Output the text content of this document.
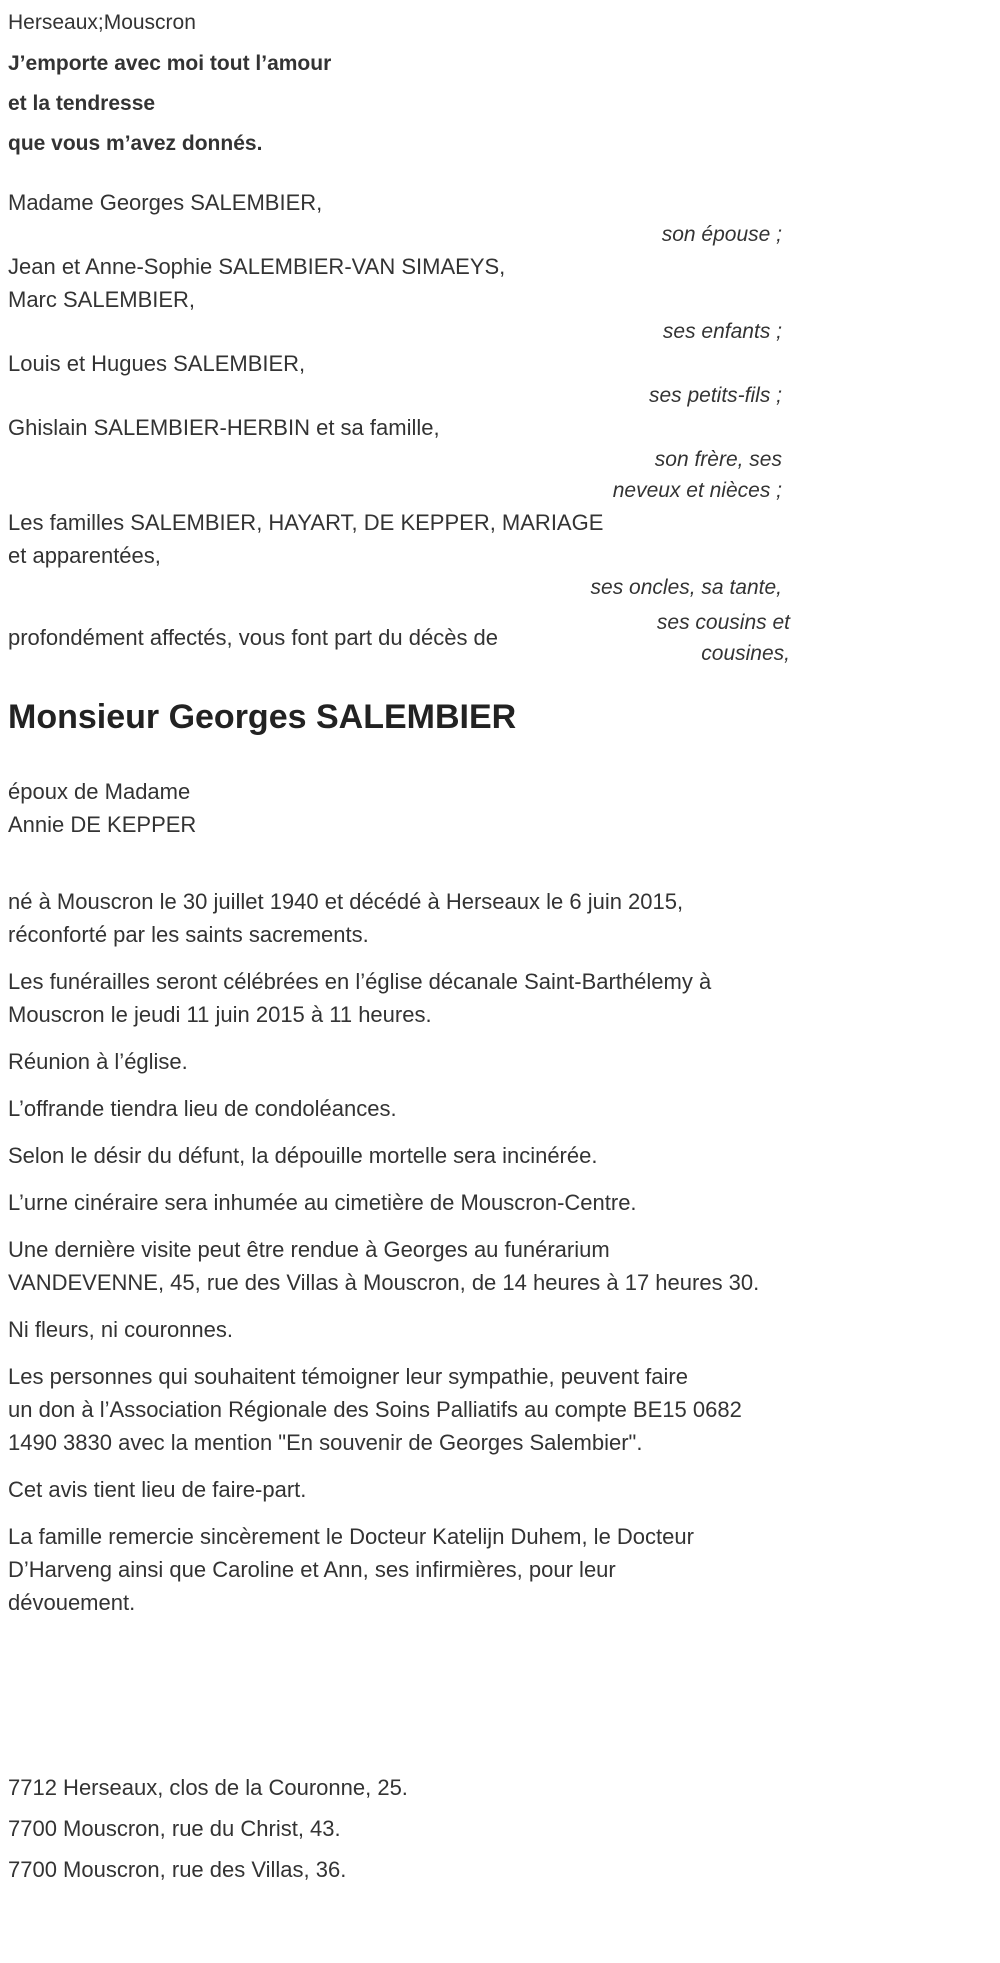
Herseaux;Mouscron
J’emporte avec moi tout l’amour
et la tendresse
que vous m’avez donnés.
Madame Georges SALEMBIER,
son épouse ;
Jean et Anne-Sophie SALEMBIER-VAN SIMAEYS,
Marc SALEMBIER,
ses enfants ;
Louis et Hugues SALEMBIER,
ses petits-fils ;
Ghislain SALEMBIER-HERBIN et sa famille,
son frère, ses
neveux et nièces ;
Les familles SALEMBIER, HAYART, DE KEPPER, MARIAGE
et apparentées,
ses oncles, sa tante,
profondément affectés, vous font part du décès de
ses cousins et
cousines,
Monsieur Georges SALEMBIER
époux de Madame
Annie DE KEPPER
né à Mouscron le 30 juillet 1940 et décédé à Herseaux le 6 juin 2015,
réconforté par les saints sacrements.
Les funérailles seront célébrées en l’église décanale Saint-Barthélemy à
Mouscron le jeudi 11 juin 2015 à 11 heures.
Réunion à l’église.
L’offrande tiendra lieu de condoléances.
Selon le désir du défunt, la dépouille mortelle sera incinérée.
L’urne cinéraire sera inhumée au cimetière de Mouscron-Centre.
Une dernière visite peut être rendue à Georges au funérarium
VANDEVENNE, 45, rue des Villas à Mouscron, de 14 heures à 17 heures 30.
Ni fleurs, ni couronnes.
Les personnes qui souhaitent témoigner leur sympathie, peuvent faire
un don à l’Association Régionale des Soins Palliatifs au compte BE15 0682
1490 3830 avec la mention "En souvenir de Georges Salembier".
Cet avis tient lieu de faire-part.
La famille remercie sincèrement le Docteur Katelijn Duhem, le Docteur
D’Harveng ainsi que Caroline et Ann, ses infirmières, pour leur
dévouement.
7712 Herseaux, clos de la Couronne, 25.
7700 Mouscron, rue du Christ, 43.
7700 Mouscron, rue des Villas, 36.
